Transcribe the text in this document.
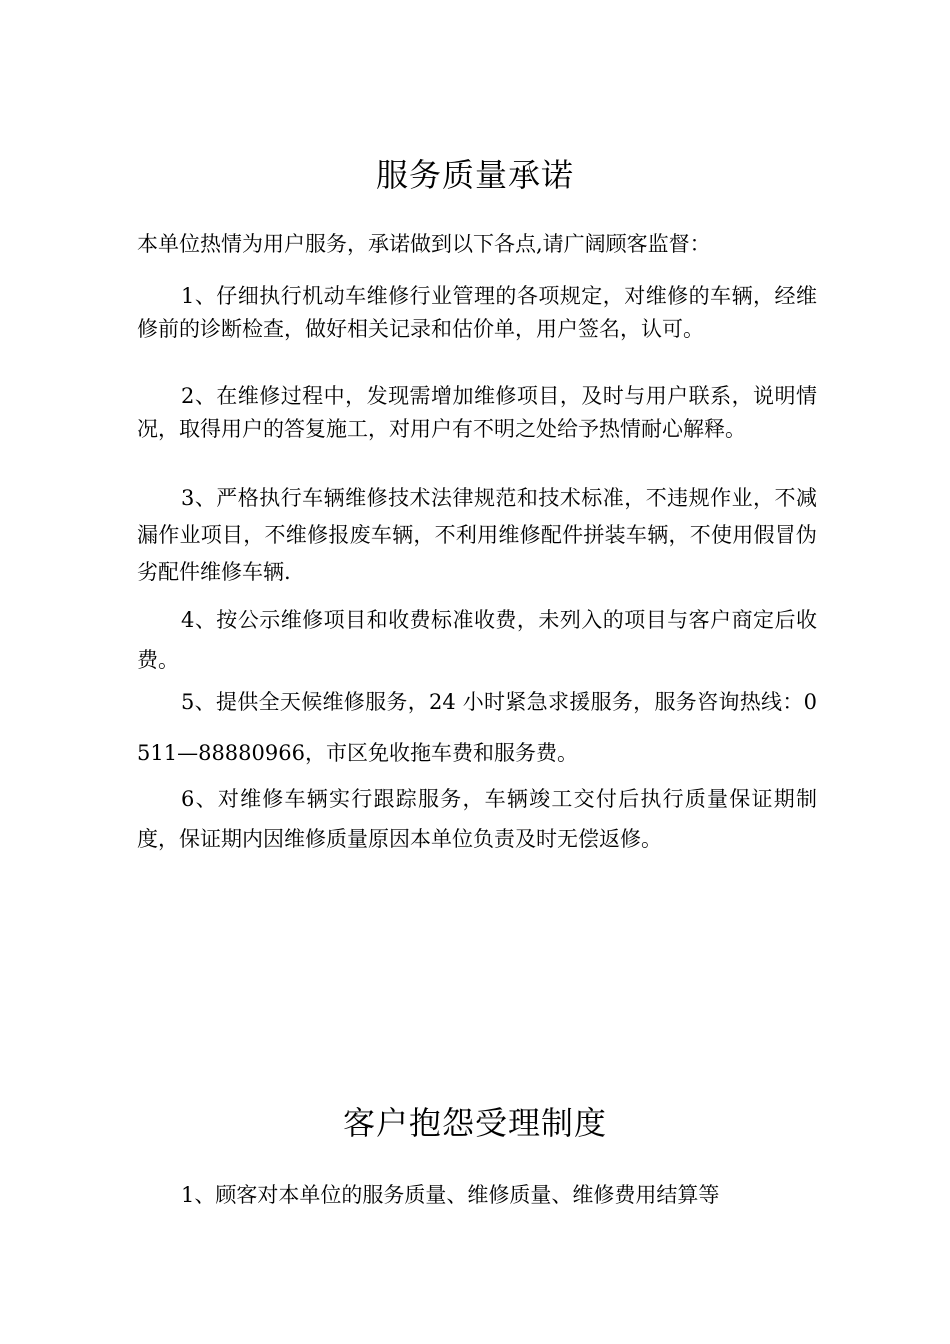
服务质量承诺

本单位热情为用户服务，承诺做到以下各点,请广阔顾客监督：

1、仔细执行机动车维修行业管理的各项规定，对维修的车辆，经维修前的诊断检查，做好相关记录和估价单，用户签名，认可。

2、在维修过程中，发现需增加维修项目，及时与用户联系，说明情况，取得用户的答复施工，对用户有不明之处给予热情耐心解释。

3、严格执行车辆维修技术法律规范和技术标准，不违规作业，不减漏作业项目，不维修报废车辆，不利用维修配件拼装车辆，不使用假冒伪劣配件维修车辆.

4、按公示维修项目和收费标准收费，未列入的项目与客户商定后收费。

5、提供全天候维修服务，24 小时紧急求援服务，服务咨询热线：0511—88880966，市区免收拖车费和服务费。

6、对维修车辆实行跟踪服务，车辆竣工交付后执行质量保证期制度，保证期内因维修质量原因本单位负责及时无偿返修。

客户抱怨受理制度

1、顾客对本单位的服务质量、维修质量、维修费用结算等
